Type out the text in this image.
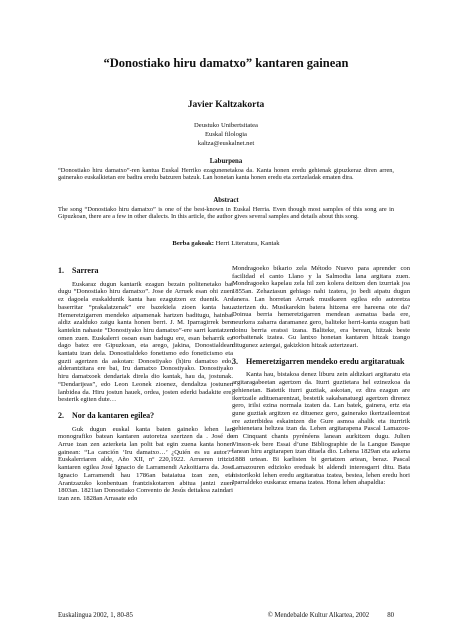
“Donostiako hiru damatxo” kantaren gainean
Javier Kaltzakorta
Deustuko Unibertsitatea
Euskal filologia
kaltza@euskalnet.net
Laburpena
“Donostiako hiru damatxo”-ren kantua Euskal Herriko ezagunenetakoa da. Kanta honen eredu gehienak gipuzkeraz diren arren, gainerako euskalkietan ere badira eredu batzuren batzuk. Lan honetan kanta honen eredu eta zertzeladak ematen dira.
Abstract
The song “Donostiako hiru damatxo” is one of the best-known in Euskal Herria. Even though most samples of this song are in Gipuzkoan, there are a few in other dialects. In this article, the author gives several samples and details about this song.
Berba gakoak: Herri Literatura, Kantak
1.	Sarrera

Euskaraz dugun kantarik ezagun bezain politenetako bat dugu “Donostiako hiru damatxo”. Jose de Arruek esan ohi zuen ez dagoela euskaldunik kanta hau ezagutzen ez duenik. Are baserritar “prakalatzenak” ere bazekiela zioen kanta hau. Hemeretzigarren mendeko aipamenak hartzen baditugu, hainbat aldiz azalduko zaigu kanta honen berri. J. M. Iparragirrek bere kantekin nahaste “Donostiyako hiru damatxo”-ere sarri kantatzen omen zuen. Euskalerri osoan esan badugu ere, esan beharrik ez dago batez ere Gipuzkoan, eta arego, jakina, Donostialdean kantatu izan dela. Donostialdeko fonetismo edo foneticismo eta guzti agertzen da askotan: Donostiyako (h)iru damatxo edo, alderantzitara ere bai, Iru damatxo Donostiyako. Donostiyako hiru damatxoek dendariak direla dio kantak, hau da, jostunak. “Dendarijeas”, edo Leon Leonek zioenez, dendaltza jostunen lanbidea da. Hiru jostun hauek, ordea, josten ederki badakite ere, besterik egiten dute…

2.	Nor da kantaren egilea?

Guk dugun euskal kanta baten gaineko lehen lan monografiko batean kantaren autoretza szertzen da . José de Arrue izan zen azterketa lan polit bat egin zuena kanta honen gainean: “La canción ‘Iru damatxo…’ ¿Quién es su autor?” Euskalerriaren alde, Año XII, nº 220,1922. Arrueren iritziz kantaren egilea José Ignacio de Larramendi Azkoitiarra da. Jose Ignacio Larramendi hau 1786an bataiatua izan zen, eta Arantzazuko konbentuan frantziskotarren abitua jantzi zuen 1803an. 1821ian Donostiako Convento de Jesús deitakoa zaindari izan zen. 1828an Arrasate edo

Mondragoeko bikario zela Método Nuevo para aprender con facilidad el canto Llano y la Salmodia lana argitara zuen. Mondragoeko kapelau zela hil zen kolera deitzen den izurriak joa 1855an. Zehaztasun gehiago nahi izatera, jo bedi aipatu dugun lanera. Lan horretan Arruek musikaren egilea edo autoretza aztertzen du. Musikarekin batera hitzena ere hareena ote da? Doinua berria hemeretzigarren mendean asmatua bada ere, neurkera zaharra daramanez gero, baliteke herri-kanta ezagun bati doinu berria eratssi izana. Baliteke, era berean, hitzak beste norbaitenak izatea. Gu lantxo honetan kantaren hitzak izango ditugunez aztergai, gakizkion hitzak aztertzeari.

3.	Hemeretzigarren mendeko eredu argitaratuak

Kanta hau, bistakoa denez liburu zein aldizkari argitaratu eta argitaragabeetan agertzen da. Iturri guztietara hel ezinezkoa da gehienetan. Batetik iturri guztiak, askotan, ez dira ezagun are ikertzaile adituenarentzat, bestetik sakabanatuegi agertzen direnez gero, irilsi ezina normala izaten da. Lan batek, gainera, ertz eta gune guztiak argitzen ez dituenez gero, gainerako ikertzaileentzat ere aztertbidea eskaintzen die Gure asmoa ahalik eta iturririk gehienetara heltzea izan da. Lehen argitarapena Pascal Lamazou-en Cinquant chants pyrénéens lanean aurkitzen dugu. Julien Vinson-ek bere Essai d’une Bibliographie de la Langue Basque lanean hiru argitarapen izan ditaela dio. Lehena 1829an eta azkena 1888 urtean. Bi karlisten bi gertatzen artean, beraz. Pascal Lamazouren edizioko ereduak bi aldendi interesgarri ditu. Bata historikoki lehen eredu argitaratua izatea, bestea, lehen eredu hori Iparraldeko euskaraz emana izatea. Hona lehen ahapaldia:

Euskalingua 2002, 1, 80-85	© Mendebalde Kultur Alkartea, 2002	80
